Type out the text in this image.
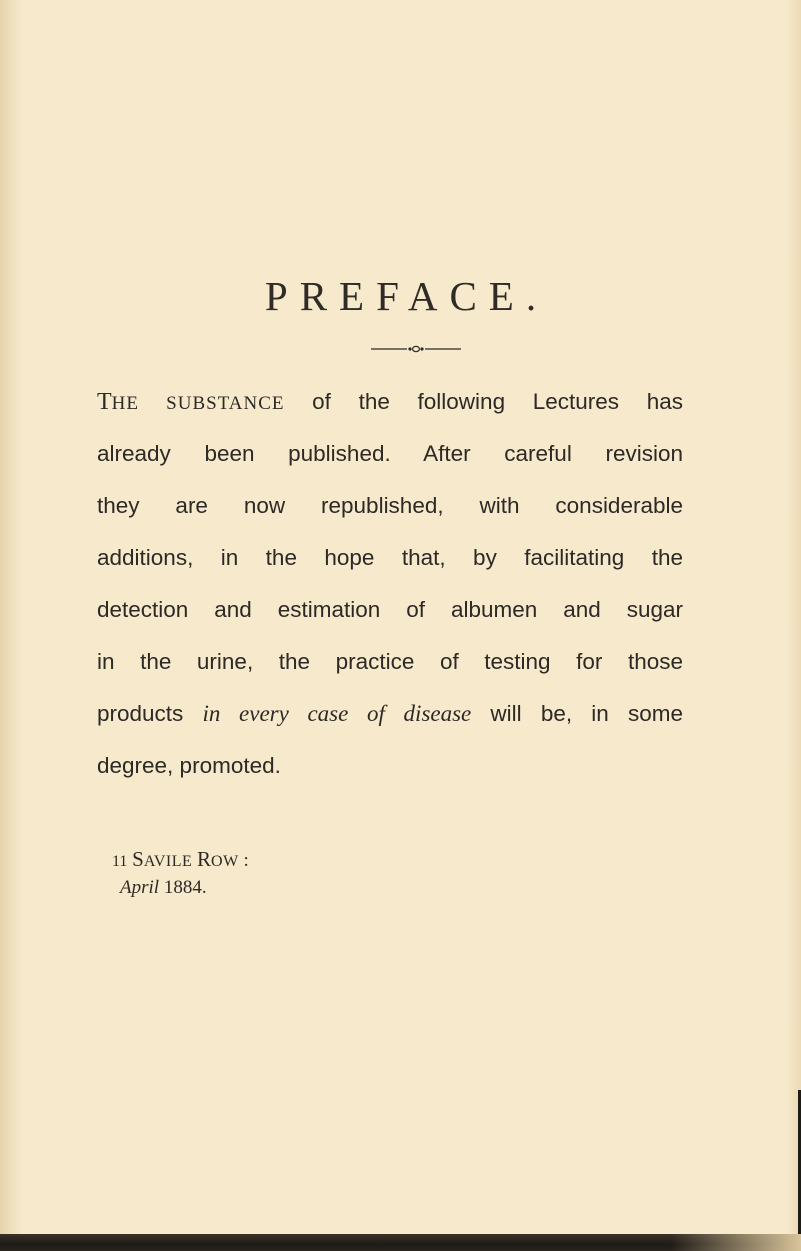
PREFACE.
THE SUBSTANCE of the following Lectures has
already been published. After careful revision
they are now republished, with considerable
additions, in the hope that, by facilitating the
detection and estimation of albumen and sugar
in the urine, the practice of testing for those
products in every case of disease will be, in some
degree, promoted.
11 SAVILE ROW :
April 1884.
